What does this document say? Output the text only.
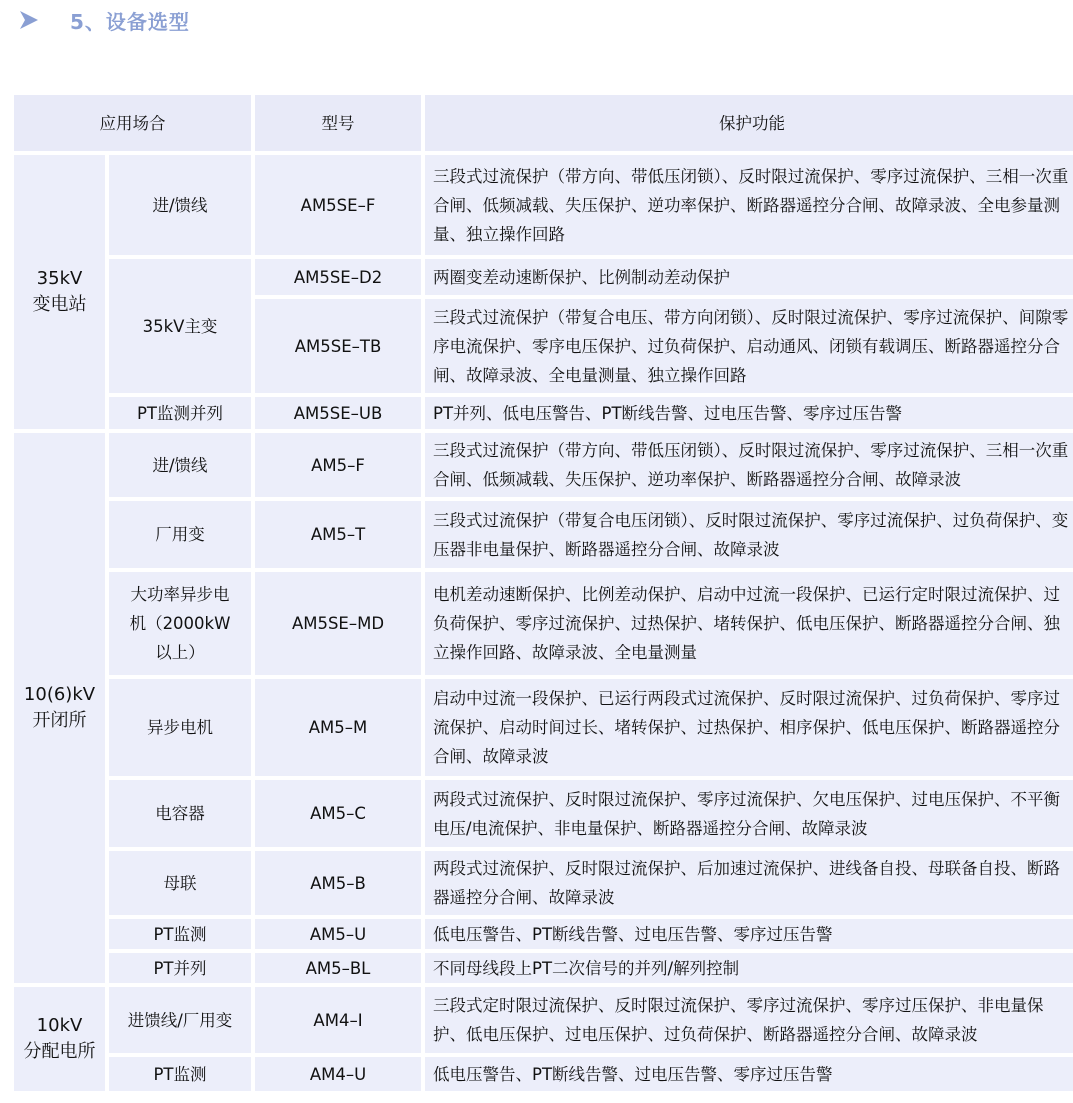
5、设备选型
应用场合		型号	保护功能

35kV
变电站	进/馈线	AM5SE–F	三段式过流保护（带方向、带低压闭锁）、反时限过流保护、零序过流保护、三相一次重合闸、低频减载、失压保护、逆功率保护、断路器遥控分合闸、故障录波、全电参量测量、独立操作回路
	35kV主变	AM5SE–D2	两圈变差动速断保护、比例制动差动保护
		AM5SE–TB	三段式过流保护（带复合电压、带方向闭锁）、反时限过流保护、零序过流保护、间隙零序电流保护、零序电压保护、过负荷保护、启动通风、闭锁有载调压、断路器遥控分合闸、故障录波、全电量测量、独立操作回路
	PT监测并列	AM5SE–UB	PT并列、低电压警告、PT断线告警、过电压告警、零序过压告警

10(6)kV
开闭所	进/馈线	AM5–F	三段式过流保护（带方向、带低压闭锁）、反时限过流保护、零序过流保护、三相一次重合闸、低频减载、失压保护、逆功率保护、断路器遥控分合闸、故障录波
	厂用变	AM5–T	三段式过流保护（带复合电压闭锁）、反时限过流保护、零序过流保护、过负荷保护、变压器非电量保护、断路器遥控分合闸、故障录波

	大功率异步电
机（2000kW
以上）	AM5SE–MD	电机差动速断保护、比例差动保护、启动中过流一段保护、已运行定时限过流保护、过负荷保护、零序过流保护、过热保护、堵转保护、低电压保护、断路器遥控分合闸、独立操作回路、故障录波、全电量测量
	异步电机	AM5–M	启动中过流一段保护、已运行两段式过流保护、反时限过流保护、过负荷保护、零序过流保护、启动时间过长、堵转保护、过热保护、相序保护、低电压保护、断路器遥控分合闸、故障录波
	电容器	AM5–C	两段式过流保护、反时限过流保护、零序过流保护、欠电压保护、过电压保护、不平衡电压/电流保护、非电量保护、断路器遥控分合闸、故障录波
	母联	AM5–B	两段式过流保护、反时限过流保护、后加速过流保护、进线备自投、母联备自投、断路器遥控分合闸、故障录波
	PT监测	AM5–U	低电压警告、PT断线告警、过电压告警、零序过压告警
	PT并列	AM5–BL	不同母线段上PT二次信号的并列/解列控制

10kV
分配电所	进馈线/厂用变	AM4–I	三段式定时限过流保护、反时限过流保护、零序过流保护、零序过压保护、非电量保护、低电压保护、过电压保护、过负荷保护、断路器遥控分合闸、故障录波
	PT监测	AM4–U	低电压警告、PT断线告警、过电压告警、零序过压告警
